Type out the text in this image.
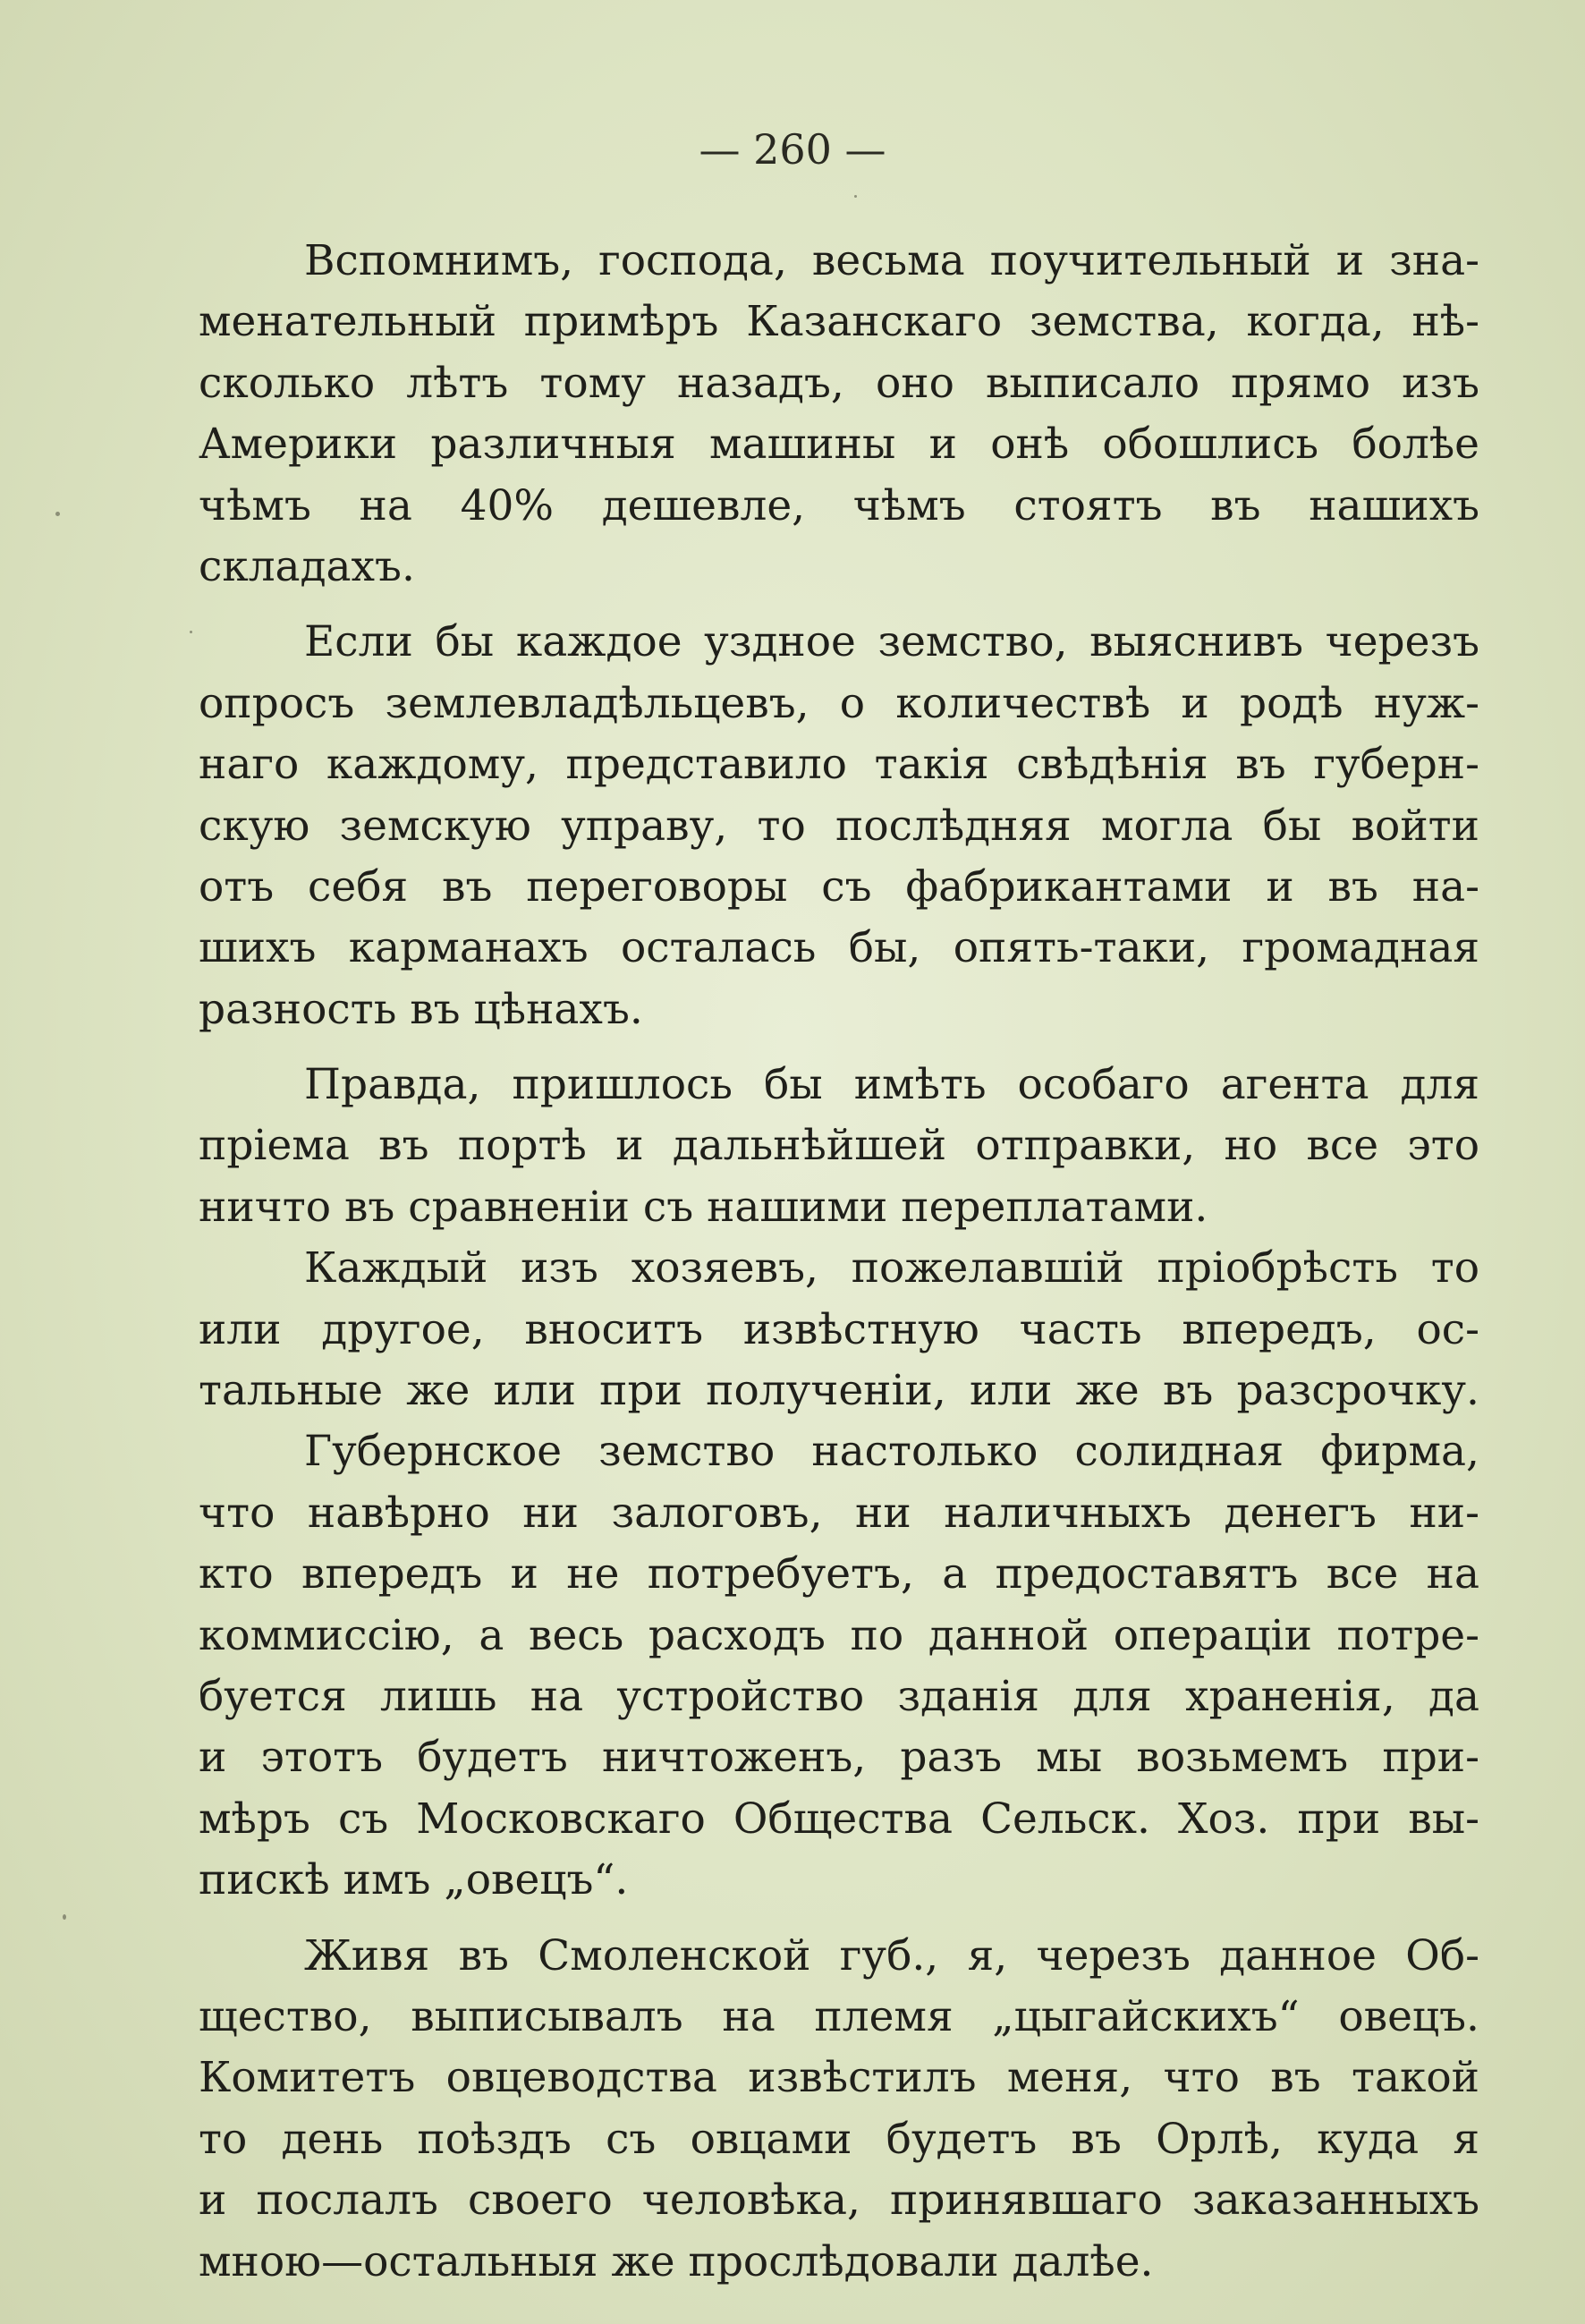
— 260 —
Вспомнимъ, господа, весьма поучительный и зна-
менательный примѣръ Казанскаго земства, когда, нѣ-
сколько лѣтъ тому назадъ, оно выписало прямо изъ
Америки различныя машины и онѣ обошлись болѣе
чѣмъ на 40% дешевле, чѣмъ стоятъ въ нашихъ
складахъ.
Если бы каждое уздное земство, выяснивъ черезъ
опросъ землевладѣльцевъ, о количествѣ и родѣ нуж-
наго каждому, представило такія свѣдѣнія въ губерн-
скую земскую управу, то послѣдняя могла бы войти
отъ себя въ переговоры съ фабрикантами и въ на-
шихъ карманахъ осталась бы, опять-таки, громадная
разность въ цѣнахъ.
Правда, пришлось бы имѣть особаго агента для
пріема въ портѣ и дальнѣйшей отправки, но все это
ничто въ сравненіи съ нашими переплатами.
Каждый изъ хозяевъ, пожелавшій пріобрѣсть то
или другое, вноситъ извѣстную часть впередъ, ос-
тальные же или при полученіи, или же въ разсрочку.
Губернское земство настолько солидная фирма,
что навѣрно ни залоговъ, ни наличныхъ денегъ ни-
кто впередъ и не потребуетъ, а предоставятъ все на
коммиссію, а весь расходъ по данной операціи потре-
буется лишь на устройство зданія для храненія, да
и этотъ будетъ ничтоженъ, разъ мы возьмемъ при-
мѣръ съ Московскаго Общества Сельск. Хоз. при вы-
пискѣ имъ „овецъ“.
Живя въ Смоленской губ., я, черезъ данное Об-
щество, выписывалъ на племя „цыгайскихъ“ овецъ.
Комитетъ овцеводства извѣстилъ меня, что въ такой
то день поѣздъ съ овцами будетъ въ Орлѣ, куда я
и послалъ своего человѣка, принявшаго заказанныхъ
мною—остальныя же прослѣдовали далѣе.
